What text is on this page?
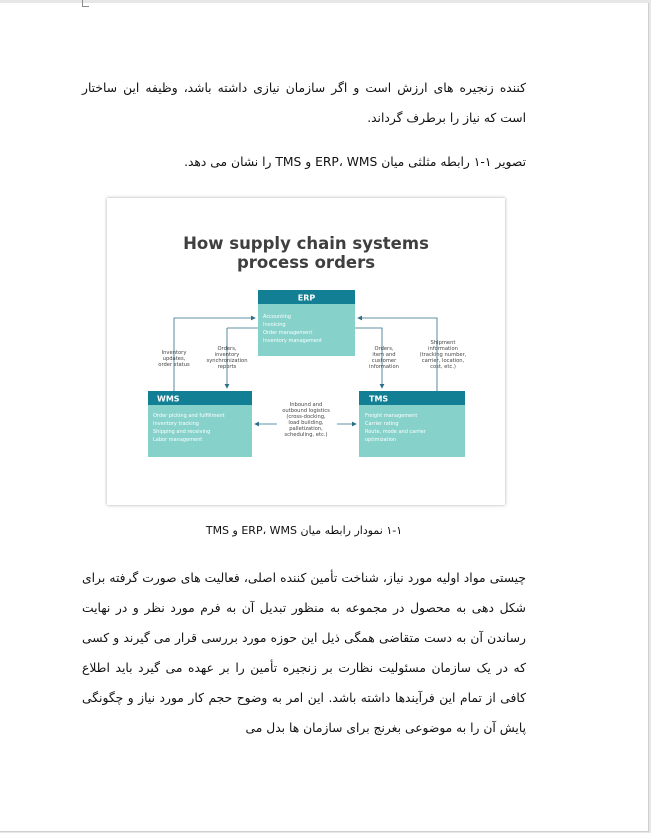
کننده زنجیره های ارزش است و اگر سازمان نیازی داشته باشد، وظیفه این ساختار است که نیاز را برطرف گرداند.
تصویر ۱-۱ رابطه مثلثی میان ERP، WMS و TMS را نشان می دهد.
How supply chain systems
process orders
ERP
Accounting
Invoicing
Order management
Inventory management
WMS
Order picking and fulfillment
Inventory tracking
Shipping and receiving
Labor management
TMS
Freight management
Carrier rating
Route, mode and carrier
optimization
Inventory
updates,
order status
Orders,
inventory
synchronization
reports
Orders,
item and
customer
information
Shipment
information
(tracking number,
carrier, location,
cost, etc.)
Inbound and
outbound logistics
(cross-docking,
load building,
palletization,
scheduling, etc.)
۱-۱ نمودار رابطه میان ERP، WMS و TMS
چیستی مواد اولیه مورد نیاز، شناخت تأمین کننده اصلی، فعالیت های صورت گرفته برای شکل دهی به محصول در مجموعه به منظور تبدیل آن به فرم مورد نظر و در نهایت رساندن آن به دست متقاضی همگی ذیل این حوزه مورد بررسی قرار می گیرند و کسی که در یک سازمان مسئولیت نظارت بر زنجیره تأمین را بر عهده می گیرد باید اطلاع کافی از تمام این فرآیندها داشته باشد. این امر به وضوح حجم کار مورد نیاز و چگونگی پایش آن را به موضوعی بغرنج برای سازمان ها بدل می
